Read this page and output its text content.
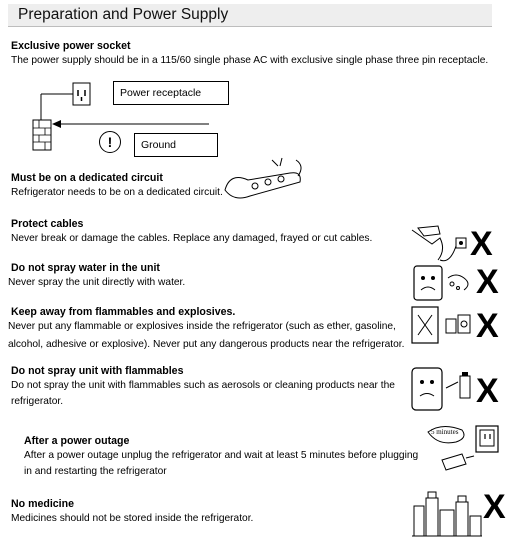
Preparation and Power Supply
Exclusive power socket
The power supply should be in a 115/60 single phase AC with exclusive single phase three pin receptacle.
Power receptacle
!	Ground
Must be on a dedicated circuit
Refrigerator needs to be on a dedicated circuit.
Protect cables
Never break or damage the cables. Replace any damaged, frayed or cut cables.	X
Do not spray water in the unit
Never spray the unit directly with water.	X
Keep away from flammables and explosives.
Never put any flammable or explosives inside the refrigerator (such as ether, gasoline,
alcohol, adhesive or explosive). Never put any dangerous products near the refrigerator. X
Do not spray unit with flammables
Do not spray the unit with flammables such as aerosols or cleaning products near the
refrigerator.	X
After a power outage
After a power outage unplug the refrigerator and wait at least 5 minutes before plugging
in and restarting the refrigerator
5 minutes
No medicine
Medicines should not be stored inside the refrigerator.	X
